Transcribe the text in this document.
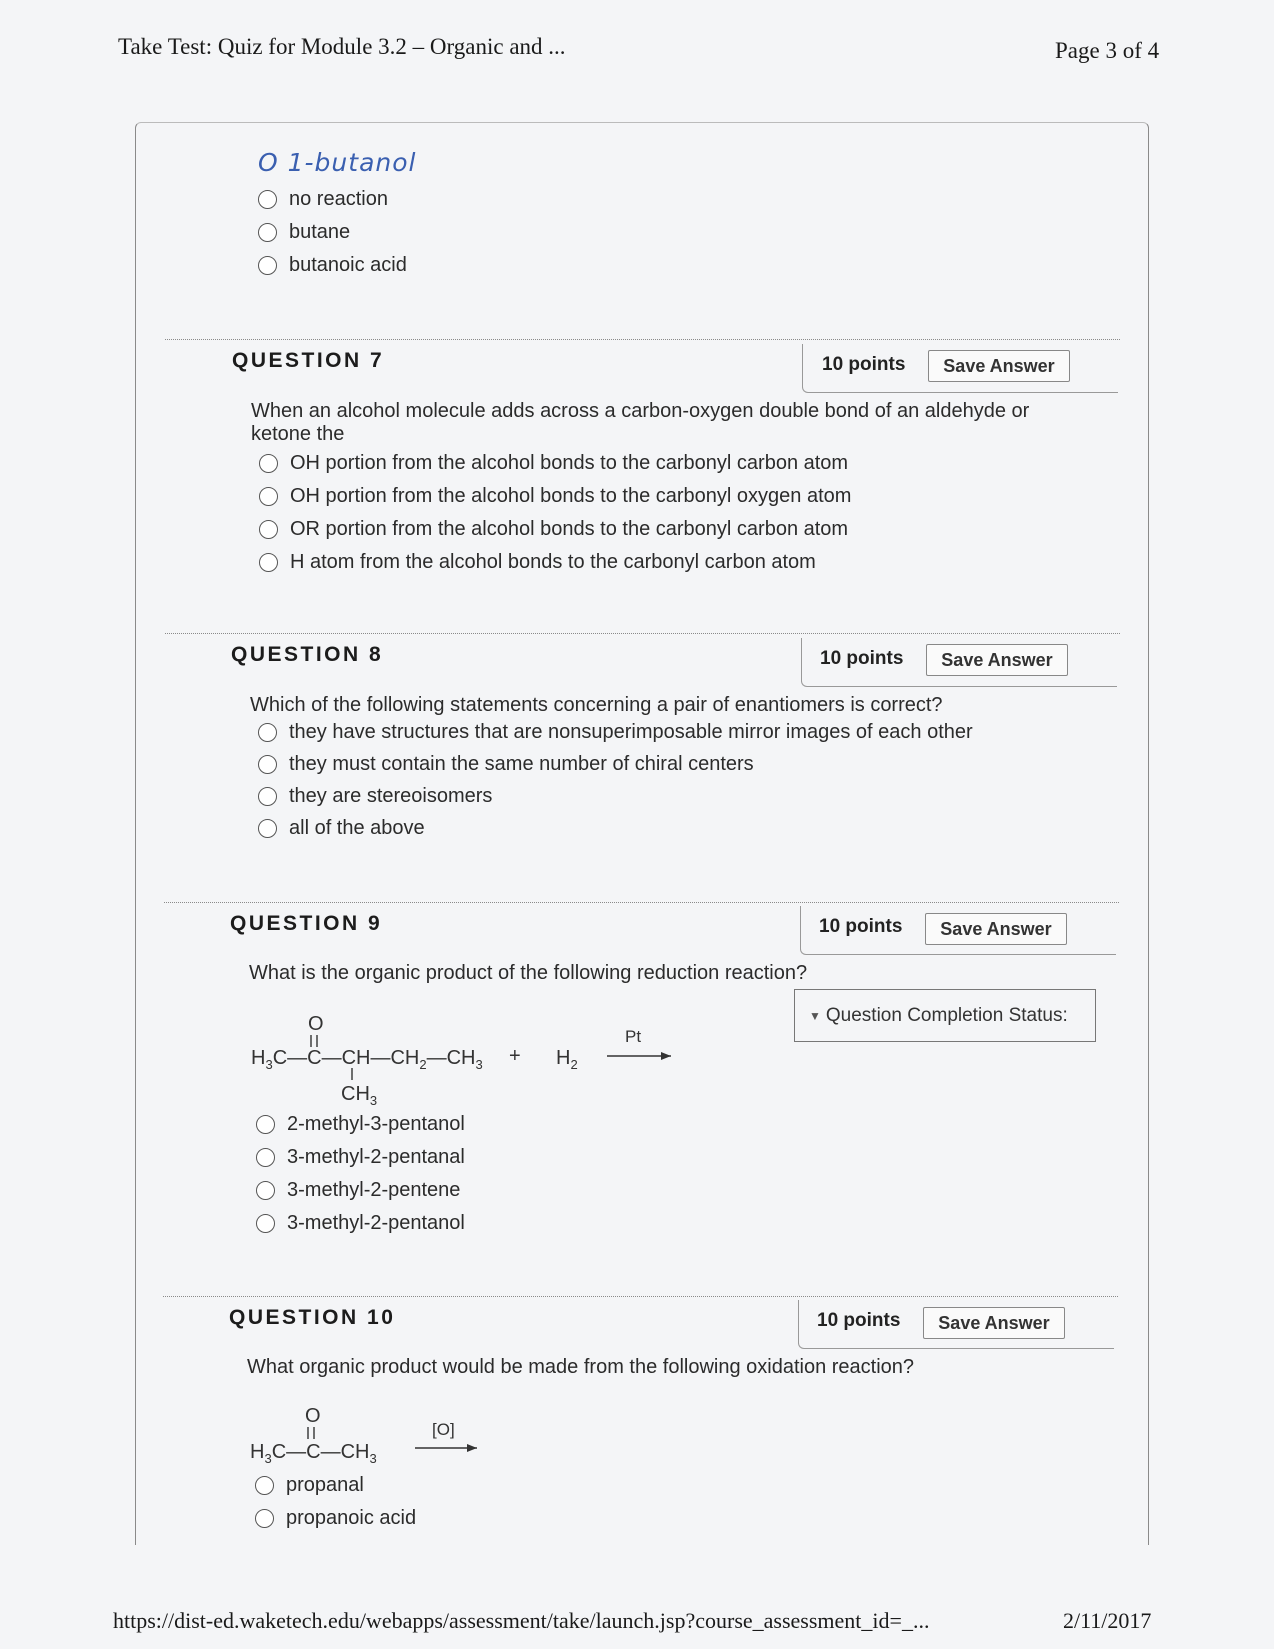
Take Test: Quiz for Module 3.2 – Organic and ...	Page 3 of 4
O 1-butanol
no reaction
butane
butanoic acid
QUESTION 7	10 points	Save Answer
When an alcohol molecule adds across a carbon-oxygen double bond of an aldehyde or
ketone the
OH portion from the alcohol bonds to the carbonyl carbon atom
OH portion from the alcohol bonds to the carbonyl oxygen atom
OR portion from the alcohol bonds to the carbonyl carbon atom
H atom from the alcohol bonds to the carbonyl carbon atom
QUESTION 8	10 points	Save Answer
Which of the following statements concerning a pair of enantiomers is correct?
they have structures that are nonsuperimposable mirror images of each other
they must contain the same number of chiral centers
they are stereoisomers
all of the above
QUESTION 9	10 points	Save Answer
What is the organic product of the following reduction reaction?
▼ Question Completion Status:
O
$H_3C—C—CH—CH_2—CH_3$
$CH_3$
+ $H_2$
Pt
2-methyl-3-pentanol
3-methyl-2-pentanal
3-methyl-2-pentene
3-methyl-2-pentanol
QUESTION 10	10 points	Save Answer
What organic product would be made from the following oxidation reaction?
O
$H_3C—C—CH_3$
[O]
propanal
propanoic acid
https://dist-ed.waketech.edu/webapps/assessment/take/launch.jsp?course_assessment_id=_...	2/11/2017
